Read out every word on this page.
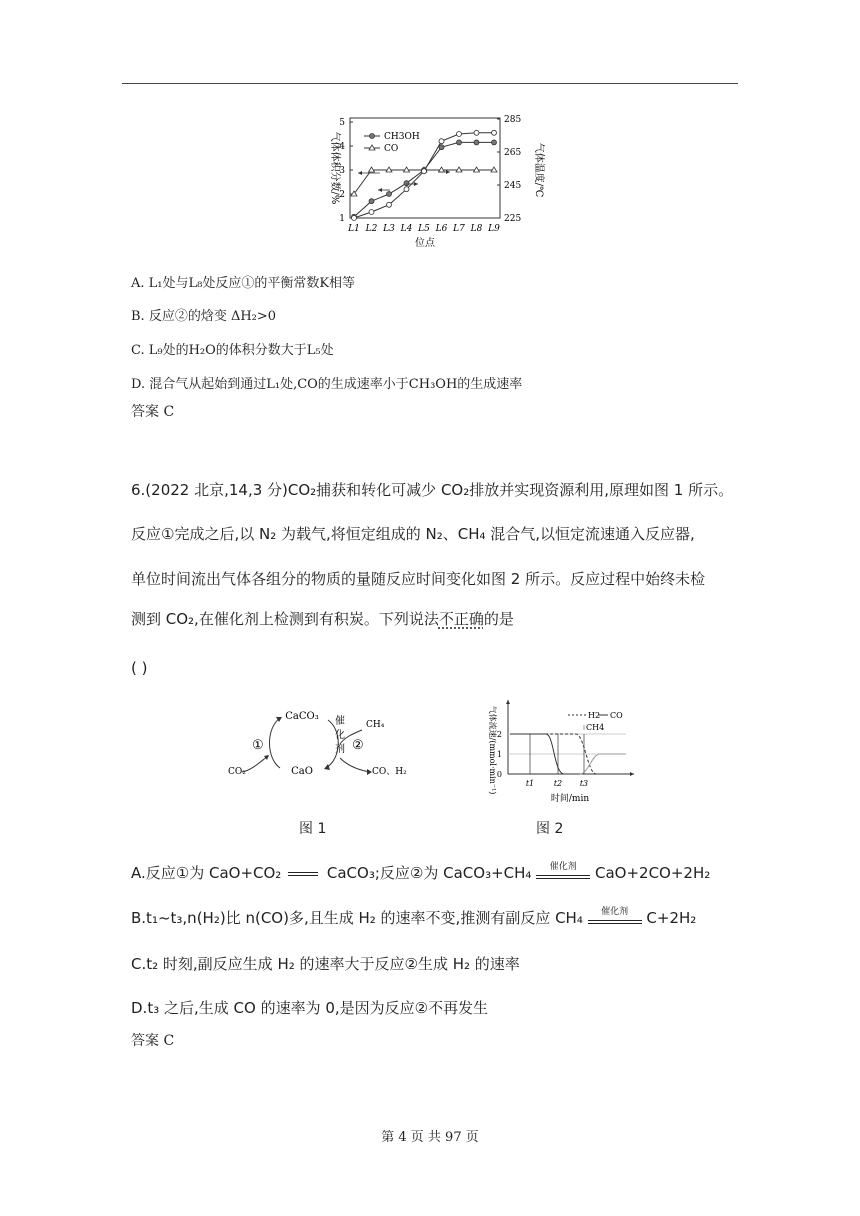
气体体积分数/%	气体温度/℃
1
2
3
4
5
225
245
265
285
L1 L2 L3 L4 L5 L6 L7 L8 L9
位点
CH3OH
CO
A. L₁处与L₈处反应①的平衡常数K相等
B. 反应②的焓变 ΔH₂>0
C. L₉处的H₂O的体积分数大于L₅处
D. 混合气从起始到通过L₁处,CO的生成速率小于CH₃OH的生成速率
答案 C
6.(2022 北京,14,3 分)CO₂捕获和转化可减少 CO₂排放并实现资源利用,原理如图 1 所示。
反应①完成之后,以 N₂ 为载气,将恒定组成的 N₂、CH₄ 混合气,以恒定流速通入反应器,
单位时间流出气体各组分的物质的量随反应时间变化如图 2 所示。反应过程中始终未检
测到 CO₂,在催化剂上检测到有积炭。下列说法不正确的是
( )
CaCO₃
CaO
CO₂
CH₄
CO、H₂
①	②
催
化
剂
图 1
气体流速/(mmol·min⁻¹) 0
1
2
t1 t2 t3
时间/min
H2 CO
CH4
图 2
A.反应①为 CaO+CO₂	CaCO₃;反应②为 CaCO₃+CH₄	催化剂	CaO+2CO+2H₂
B.t₁~t₃,n(H₂)比 n(CO)多,且生成 H₂ 的速率不变,推测有副反应 CH₄	催化剂	C+2H₂
C.t₂ 时刻,副反应生成 H₂ 的速率大于反应②生成 H₂ 的速率
D.t₃ 之后,生成 CO 的速率为 0,是因为反应②不再发生
答案 C
第 4 页 共 97 页
